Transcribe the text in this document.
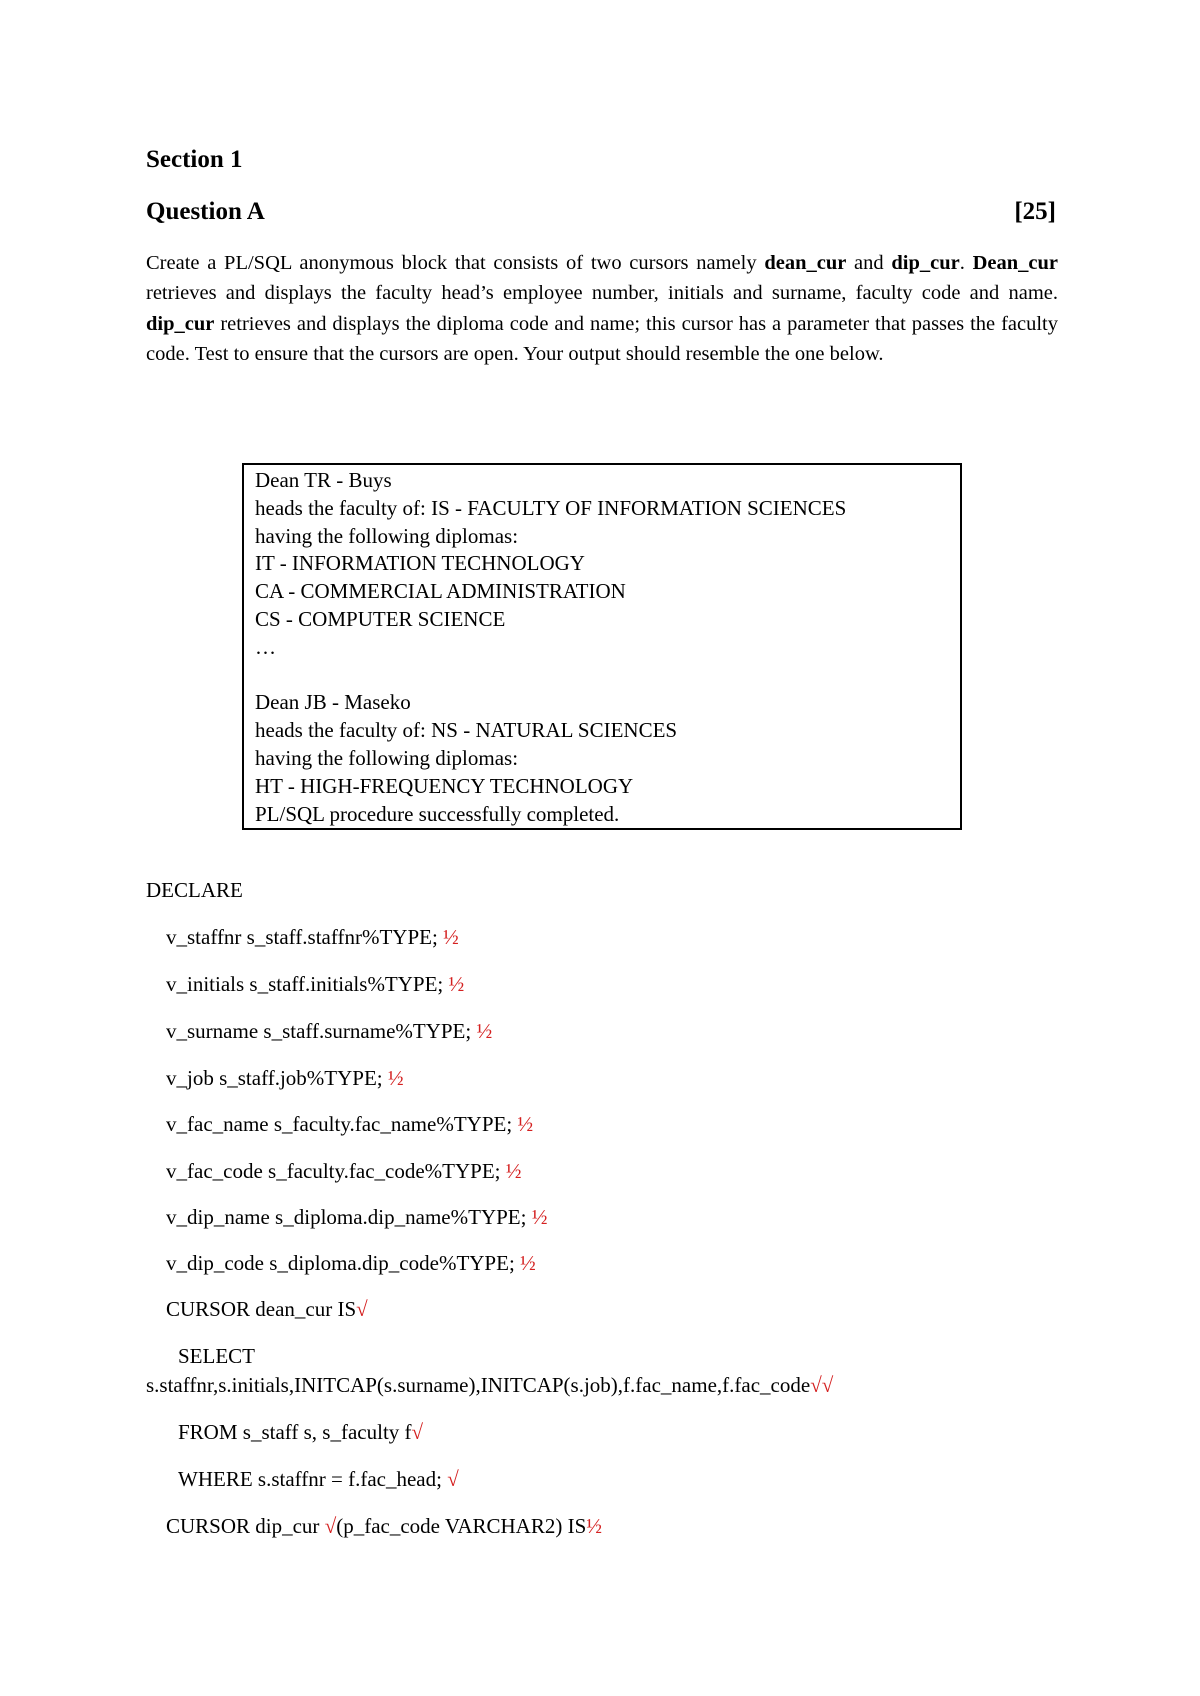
Section 1
Question A	[25]
Create a PL/SQL anonymous block that consists of two cursors namely dean_cur and dip_cur. Dean_cur retrieves and displays the faculty head’s employee number, initials and surname, faculty code and name. dip_cur retrieves and displays the diploma code and name; this cursor has a parameter that passes the faculty code. Test to ensure that the cursors are open. Your output should resemble the one below.
Dean TR - Buys
heads the faculty of: IS - FACULTY OF INFORMATION SCIENCES
having the following diplomas:
IT - INFORMATION TECHNOLOGY
CA - COMMERCIAL ADMINISTRATION
CS - COMPUTER SCIENCE
…

Dean JB - Maseko
heads the faculty of: NS - NATURAL SCIENCES
having the following diplomas:
HT - HIGH-FREQUENCY TECHNOLOGY
PL/SQL procedure successfully completed.
DECLARE
v_staffnr s_staff.staffnr%TYPE; ½
v_initials s_staff.initials%TYPE; ½
v_surname s_staff.surname%TYPE; ½
v_job s_staff.job%TYPE; ½
v_fac_name s_faculty.fac_name%TYPE; ½
v_fac_code s_faculty.fac_code%TYPE; ½
v_dip_name s_diploma.dip_name%TYPE; ½
v_dip_code s_diploma.dip_code%TYPE; ½
CURSOR dean_cur IS√
SELECT
s.staffnr,s.initials,INITCAP(s.surname),INITCAP(s.job),f.fac_name,f.fac_code√√
FROM s_staff s, s_faculty f√
WHERE s.staffnr = f.fac_head; √
CURSOR dip_cur √(p_fac_code VARCHAR2) IS½
